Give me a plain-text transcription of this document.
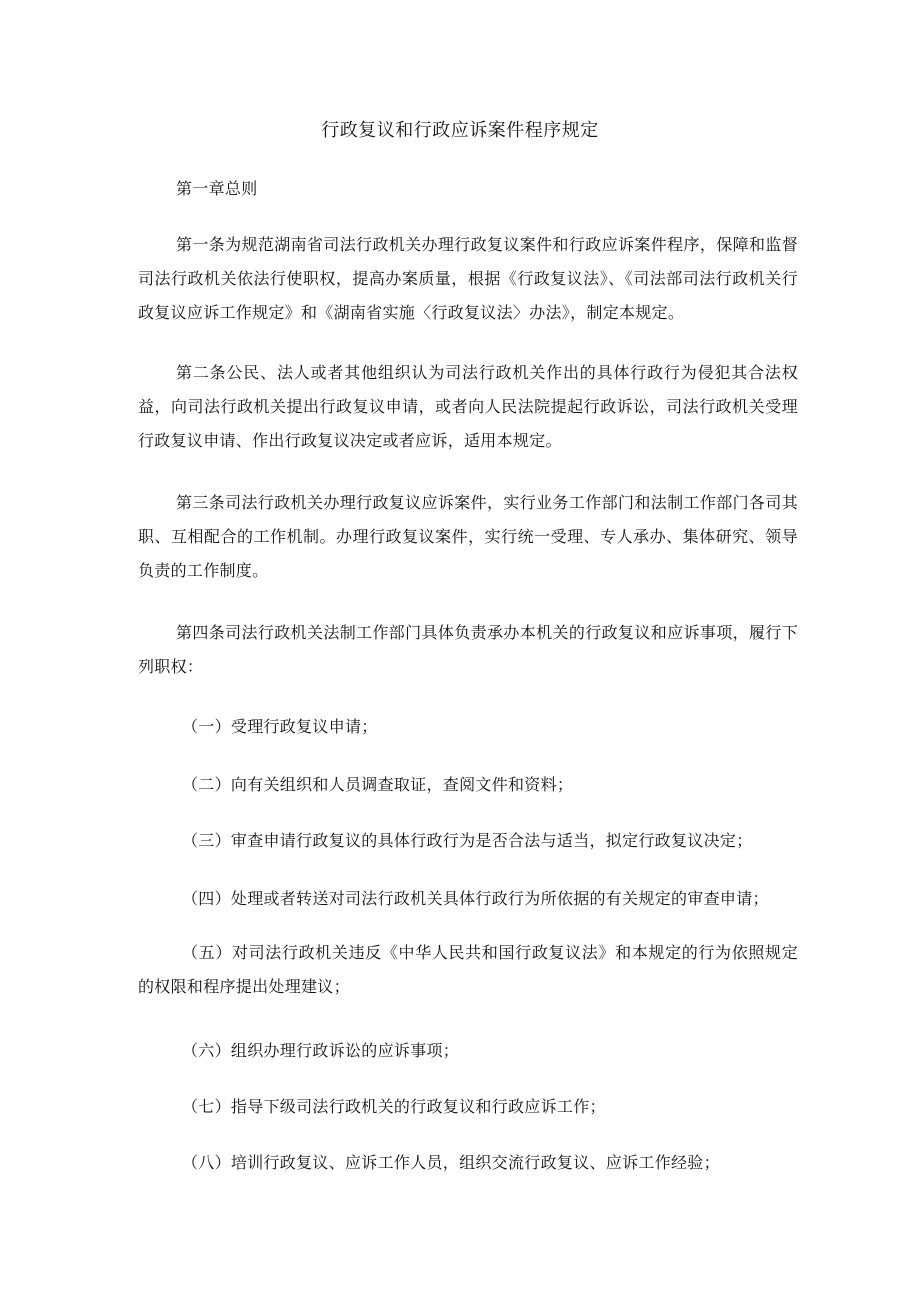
行政复议和行政应诉案件程序规定

第一章总则

第一条为规范湖南省司法行政机关办理行政复议案件和行政应诉案件程序，保障和监督司法行政机关依法行使职权，提高办案质量，根据《行政复议法》、《司法部司法行政机关行政复议应诉工作规定》和《湖南省实施〈行政复议法〉办法》，制定本规定。

第二条公民、法人或者其他组织认为司法行政机关作出的具体行政行为侵犯其合法权益，向司法行政机关提出行政复议申请，或者向人民法院提起行政诉讼，司法行政机关受理行政复议申请、作出行政复议决定或者应诉，适用本规定。

第三条司法行政机关办理行政复议应诉案件，实行业务工作部门和法制工作部门各司其职、互相配合的工作机制。办理行政复议案件，实行统一受理、专人承办、集体研究、领导负责的工作制度。

第四条司法行政机关法制工作部门具体负责承办本机关的行政复议和应诉事项，履行下列职权：

（一）受理行政复议申请；

（二）向有关组织和人员调查取证，查阅文件和资料；

（三）审查申请行政复议的具体行政行为是否合法与适当，拟定行政复议决定；

（四）处理或者转送对司法行政机关具体行政行为所依据的有关规定的审查申请；

（五）对司法行政机关违反《中华人民共和国行政复议法》和本规定的行为依照规定的权限和程序提出处理建议；

（六）组织办理行政诉讼的应诉事项；

（七）指导下级司法行政机关的行政复议和行政应诉工作；

（八）培训行政复议、应诉工作人员，组织交流行政复议、应诉工作经验；
